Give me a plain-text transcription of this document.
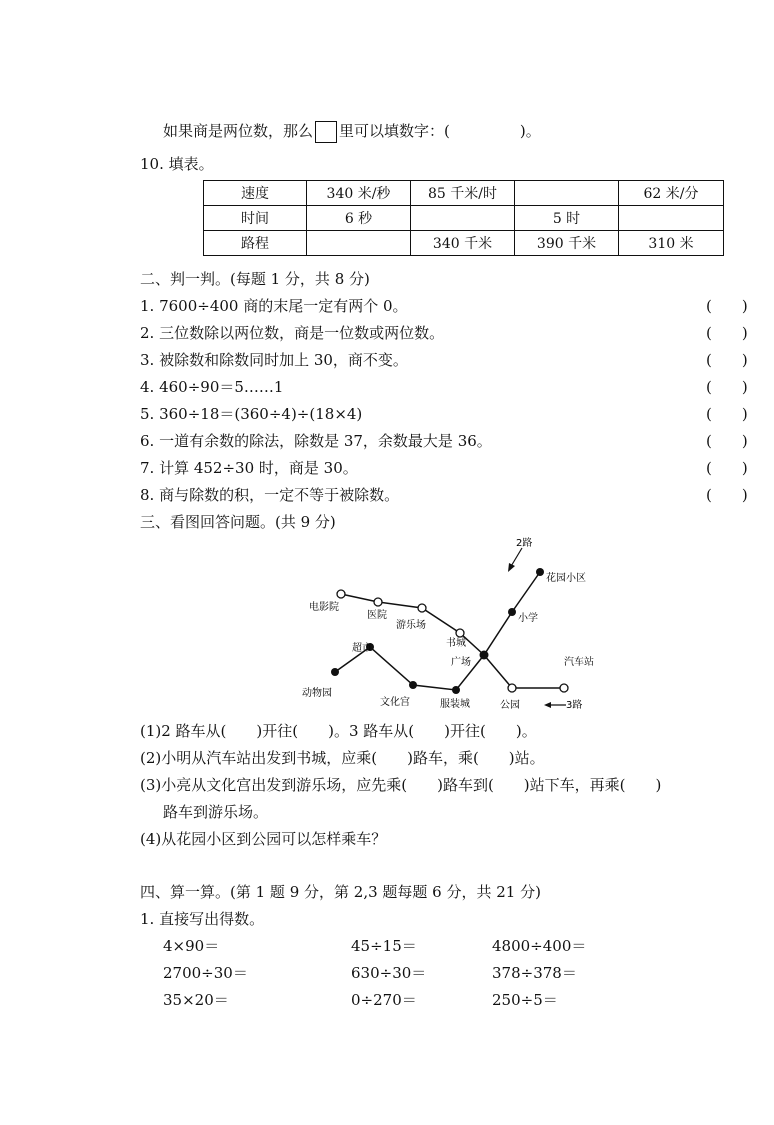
如果商是两位数，那么 里可以填数字：(	)。
10. 填表。
速度	340 米/秒	85 千米/时		62 米/分
时间	6 秒		5 时	
路程		340 千米	390 千米	310 米
二、判一判。(每题 1 分，共 8 分)
1. 7600÷400 商的末尾一定有两个 0。	(　　)
2. 三位数除以两位数，商是一位数或两位数。	(　　)
3. 被除数和除数同时加上 30，商不变。	(　　)
4. 460÷90＝5……1	(　　)
5. 360÷18＝(360÷4)÷(18×4)	(　　)
6. 一道有余数的除法，除数是 37，余数最大是 36。	(　　)
7. 计算 452÷30 时，商是 30。	(　　)
8. 商与除数的积，一定不等于被除数。	(　　)
三、看图回答问题。(共 9 分)
2路
花园小区
小学
电影院
医院
游乐场
书城
广场	汽车站
超市
动物园
文化宫	服装城	公园	3路
(1)2 路车从(　　)开往(　　)。3 路车从(　　)开往(　　)。
(2)小明从汽车站出发到书城，应乘(　　)路车，乘(　　)站。
(3)小亮从文化宫出发到游乐场，应先乘(　　)路车到(　　)站下车，再乘(　　)
路车到游乐场。
(4)从花园小区到公园可以怎样乘车？
四、算一算。(第 1 题 9 分，第 2,3 题每题 6 分，共 21 分)
1. 直接写出得数。
4×90＝	45÷15＝	4800÷400＝
2700÷30＝	630÷30＝	378÷378＝
35×20＝	0÷270＝	250÷5＝
